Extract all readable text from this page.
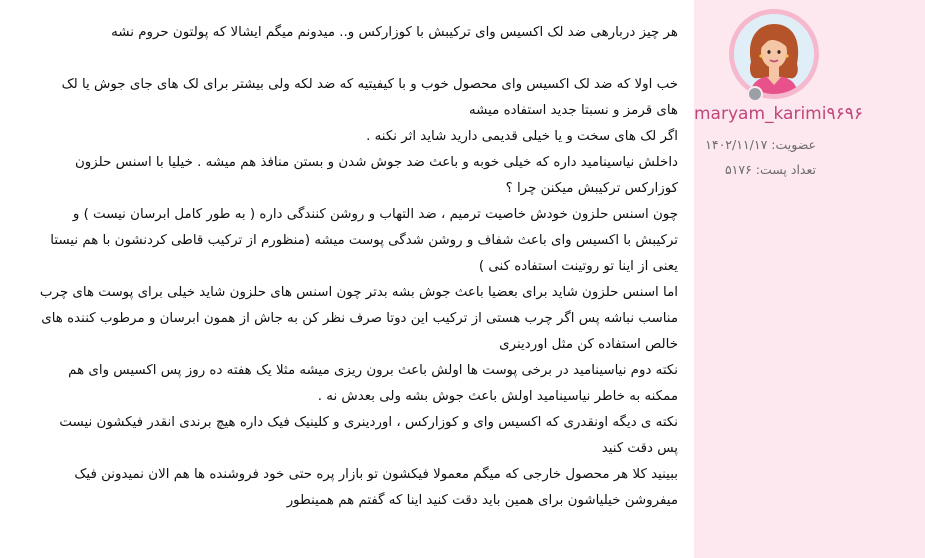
هر چیز دربارهی ضد لک اکسیس وای ترکیبش با کوزارکس و.. میدونم میگم ایشالا که پولتون حروم نشه

خب اولا که ضد لک اکسیس وای محصول خوب و با کیفیتیه که ضد لکه ولی بیشتر برای لک های جای جوش یا لک های قرمز و نسبتا جدید استفاده میشه

اگر لک های سخت و یا خیلی قدیمی دارید شاید اثر نکنه .

داخلش نیاسینامید داره که خیلی خوبه و باعث ضد جوش شدن و بستن منافذ هم میشه . خیلیا با اسنس حلزون کوزارکس ترکیبش میکنن چرا ؟

چون اسنس حلزون خودش خاصیت ترمیم ، ضد التهاب و روشن کنندگی داره ( به طور کامل ابرسان نیست ) و ترکیبش با اکسیس وای باعث شفاف و روشن شدگی پوست میشه (منظورم از ترکیب قاطی کردنشون با هم نیستا یعنی از اینا تو روتینت استفاده کنی )

اما اسنس حلزون شاید برای بعضیا باعث جوش بشه بدتر چون اسنس های حلزون شاید خیلی برای پوست های چرب مناسب نباشه پس اگر چرب هستی از ترکیب این دوتا صرف نظر کن به جاش از همون ابرسان و مرطوب کننده های خالص استفاده کن مثل اوردینری

نکته دوم نیاسینامید در برخی پوست ها اولش باعث برون ریزی میشه مثلا یک هفته ده روز پس اکسیس وای هم ممکنه به خاطر نیاسینامید اولش باعث جوش بشه ولی بعدش نه .

نکته ی دیگه اونقدری که اکسیس وای و کوزارکس ، اوردینری و کلینیک فیک داره هیچ برندی انقدر فیکشون نیست پس دقت کنید

ببینید کلا هر محصول خارجی که میگم معمولا فیکشون تو بازار پره حتی خود فروشنده ها هم الان نمیدونن فیک میفروشن خیلیاشون برای همین باید دقت کنید اینا که گفتم هم همینطور

maryam_karimi۹۶۹۶
عضویت: ۱۴۰۲/۱۱/۱۷
تعداد پست: ۵۱۷۶
